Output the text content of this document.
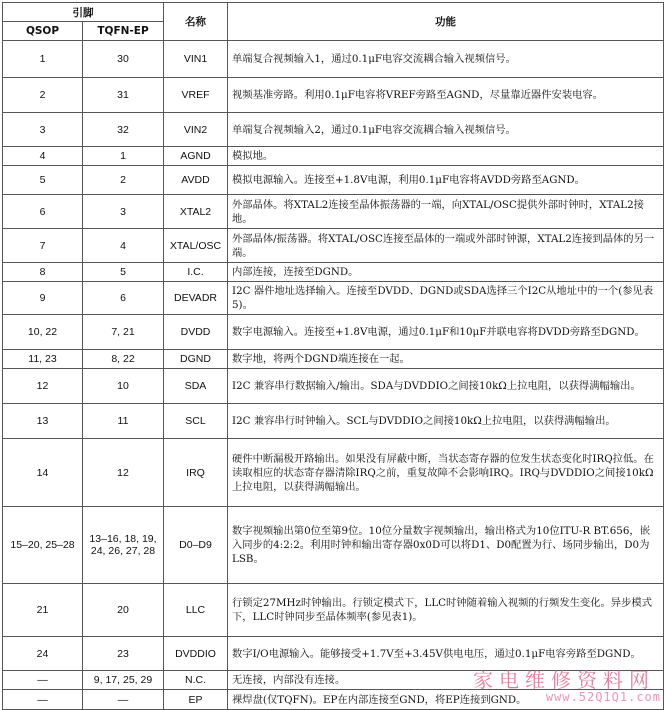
引脚		名称	功能
QSOP	TQFN-EP		
1	30	VIN1	单端复合视频输入1，通过0.1μF电容交流耦合输入视频信号。
2	31	VREF	视频基准旁路。利用0.1μF电容将VREF旁路至AGND，尽量靠近器件安装电容。
3	32	VIN2	单端复合视频输入2，通过0.1μF电容交流耦合输入视频信号。
4	1	AGND	模拟地。
5	2	AVDD	模拟电源输入。连接至+1.8V电源，利用0.1μF电容将AVDD旁路至AGND。
6	3	XTAL2	外部晶体。将XTAL2连接至晶体振荡器的一端，向XTAL/OSC提供外部时钟时，XTAL2接地。
7	4	XTAL/OSC	外部晶体/振荡器。将XTAL/OSC连接至晶体的一端或外部时钟源，XTAL2连接到晶体的另一端。
8	5	I.C.	内部连接，连接至DGND。
9	6	DEVADR	I2C 器件地址选择输入。连接至DVDD、DGND或SDA选择三个I2C从地址中的一个(参见表5)。
10, 22	7, 21	DVDD	数字电源输入。连接至+1.8V电源，通过0.1μF和10μF并联电容将DVDD旁路至DGND。
11, 23	8, 22	DGND	数字地，将两个DGND端连接在一起。
12	10	SDA	I2C 兼容串行数据输入/输出。SDA与DVDDIO之间接10kΩ上拉电阻，以获得满幅输出。
13	11	SCL	I2C 兼容串行时钟输入。SCL与DVDDIO之间接10kΩ上拉电阻，以获得满幅输出。
14	12	IRQ	硬件中断漏极开路输出。如果没有屏蔽中断，当状态寄存器的位发生状态变化时IRQ拉低。在读取相应的状态寄存器清除IRQ之前，重复故障不会影响IRQ。IRQ与DVDDIO之间接10kΩ上拉电阻，以获得满幅输出。
15–20, 25–28	13–16, 18, 19, 24, 26, 27, 28	D0–D9	数字视频输出第0位至第9位。10位分量数字视频输出，输出格式为10位ITU-R BT.656，嵌入同步的4:2:2。利用时钟和输出寄存器0x0D可以将D1、D0配置为行、场同步输出，D0为LSB。
21	20	LLC	行锁定27MHz时钟输出。行锁定模式下，LLC时钟随着输入视频的行频发生变化。异步模式下，LLC时钟同步至晶体频率(参见表1)。
24	23	DVDDIO	数字I/O电源输入。能够接受+1.7V至+3.45V供电电压，通过0.1μF电容旁路至DGND。
—	9, 17, 25, 29	N.C.	无连接，内部没有连接。
—	—	EP	裸焊盘(仅TQFN)。EP在内部连接至GND，将EP连接到GND。
家电维修资料网
www.52Q1Q1.com
